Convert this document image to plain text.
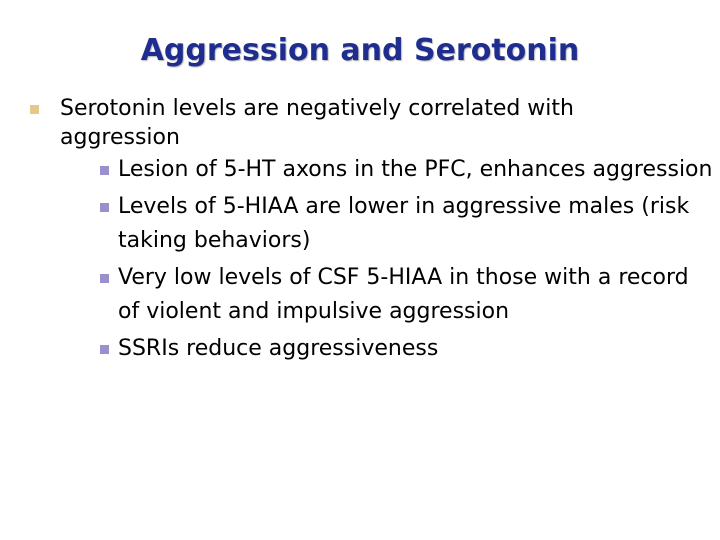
Aggression and Serotonin
Serotonin levels are negatively correlated with
aggression
Lesion of 5-HT axons in the PFC, enhances aggression
Levels of 5-HIAA are lower in aggressive males (risk
taking behaviors)
Very low levels of CSF 5-HIAA in those with a record
of violent and impulsive aggression
SSRIs reduce aggressiveness
